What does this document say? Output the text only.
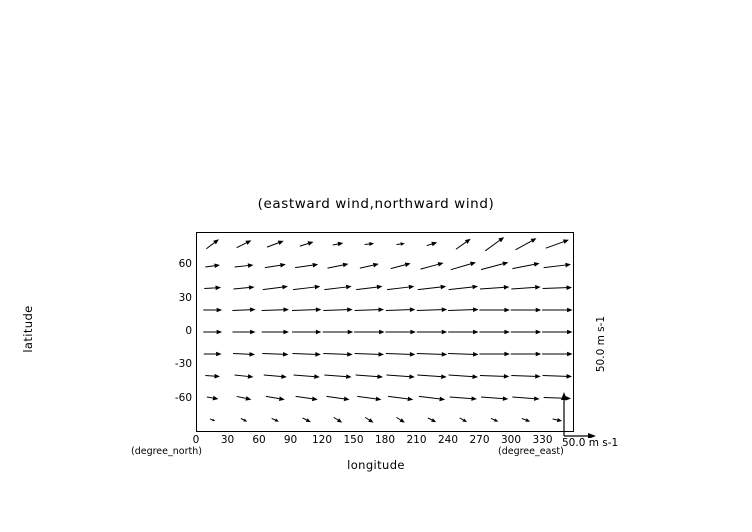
(eastward wind,northward wind)
longitude
latitude
0	30	60	90	120	150	180	210	240	270	300	330
60
30
0
-30
-60
(degree_north)	(degree_east)
50.0 m s-1
50.0 m s-1
